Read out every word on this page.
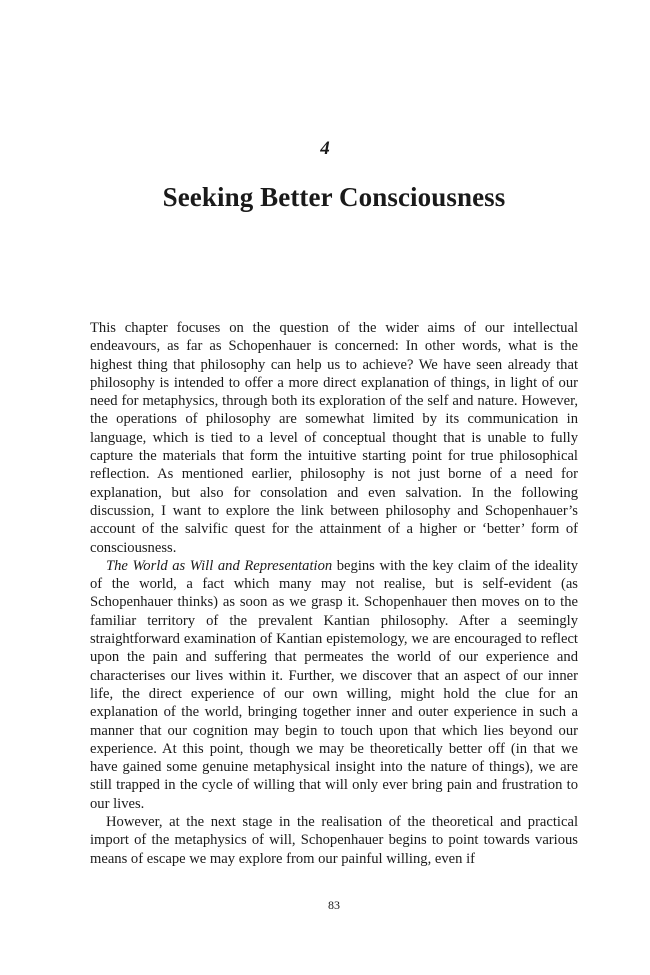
4
Seeking Better Consciousness

This chapter focuses on the question of the wider aims of our intellectual endeavours, as far as Schopenhauer is concerned: In other words, what is the highest thing that philosophy can help us to achieve? We have seen already that philosophy is intended to offer a more direct explanation of things, in light of our need for metaphysics, through both its exploration of the self and nature. However, the operations of philosophy are somewhat limited by its communication in language, which is tied to a level of conceptual thought that is unable to fully capture the materials that form the intuitive starting point for true philosophical reflection. As mentioned earlier, philosophy is not just borne of a need for explanation, but also for consolation and even salvation. In the following discussion, I want to explore the link between philosophy and Schopenhauer’s account of the salvific quest for the attainment of a higher or ‘better’ form of consciousness.

The World as Will and Representation begins with the key claim of the ideality of the world, a fact which many may not realise, but is self-evident (as Schopenhauer thinks) as soon as we grasp it. Schopenhauer then moves on to the familiar territory of the prevalent Kantian philosophy. After a seemingly straightforward examination of Kantian epistemology, we are encouraged to reflect upon the pain and suffering that permeates the world of our experience and characterises our lives within it. Further, we discover that an aspect of our inner life, the direct experience of our own willing, might hold the clue for an explanation of the world, bringing together inner and outer experience in such a manner that our cognition may begin to touch upon that which lies beyond our experience. At this point, though we may be theoretically better off (in that we have gained some genuine metaphysical insight into the nature of things), we are still trapped in the cycle of willing that will only ever bring pain and frustration to our lives.

However, at the next stage in the realisation of the theoretical and practical import of the metaphysics of will, Schopenhauer begins to point towards various means of escape we may explore from our painful willing, even if

83
